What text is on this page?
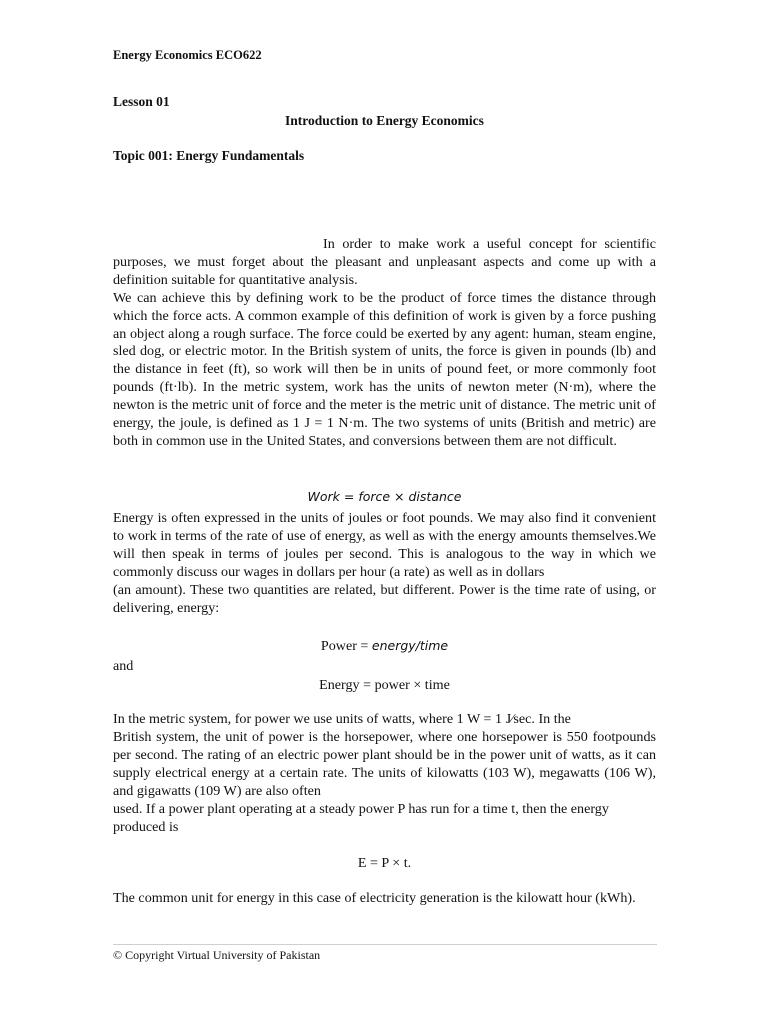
Energy Economics ECO622
Lesson 01
Introduction to Energy Economics
Topic 001: Energy Fundamentals

In order to make work a useful concept for scientific purposes, we must forget about the pleasant and unpleasant aspects and come up with a definition suitable for quantitative analysis.

We can achieve this by defining work to be the product of force times the distance through which the force acts. A common example of this definition of work is given by a force pushing an object along a rough surface. The force could be exerted by any agent: human, steam engine, sled dog, or electric motor. In the British system of units, the force is given in pounds (lb) and the distance in feet (ft), so work will then be in units of pound feet, or more commonly foot pounds (ft·lb). In the metric system, work has the units of newton meter (N·m), where the newton is the metric unit of force and the meter is the metric unit of distance. The metric unit of energy, the joule, is defined as 1 J = 1 N·m. The two systems of units (British and metric) are both in common use in the United States, and conversions between them are not difficult.

Work = force × distance

Energy is often expressed in the units of joules or foot pounds. We may also find it convenient to work in terms of the rate of use of energy, as well as with the energy amounts themselves.We will then speak in terms of joules per second. This is analogous to the way in which we commonly discuss our wages in dollars per hour (a rate) as well as in dollars

(an amount). These two quantities are related, but different. Power is the time rate of using, or delivering, energy:

Power = energy/time
and
Energy = power × time
In the metric system, for power we use units of watts, where 1 W = 1 J⁄sec. In the
British system, the unit of power is the horsepower, where one horsepower is 550 footpounds per second. The rating of an electric power plant should be in the power unit of watts, as it can supply electrical energy at a certain rate. The units of kilowatts (103 W), megawatts (106 W), and gigawatts (109 W) are also often
used. If a power plant operating at a steady power P has run for a time t, then the energy produced is
E = P × t.
The common unit for energy in this case of electricity generation is the kilowatt hour (kWh).
© Copyright Virtual University of Pakistan
